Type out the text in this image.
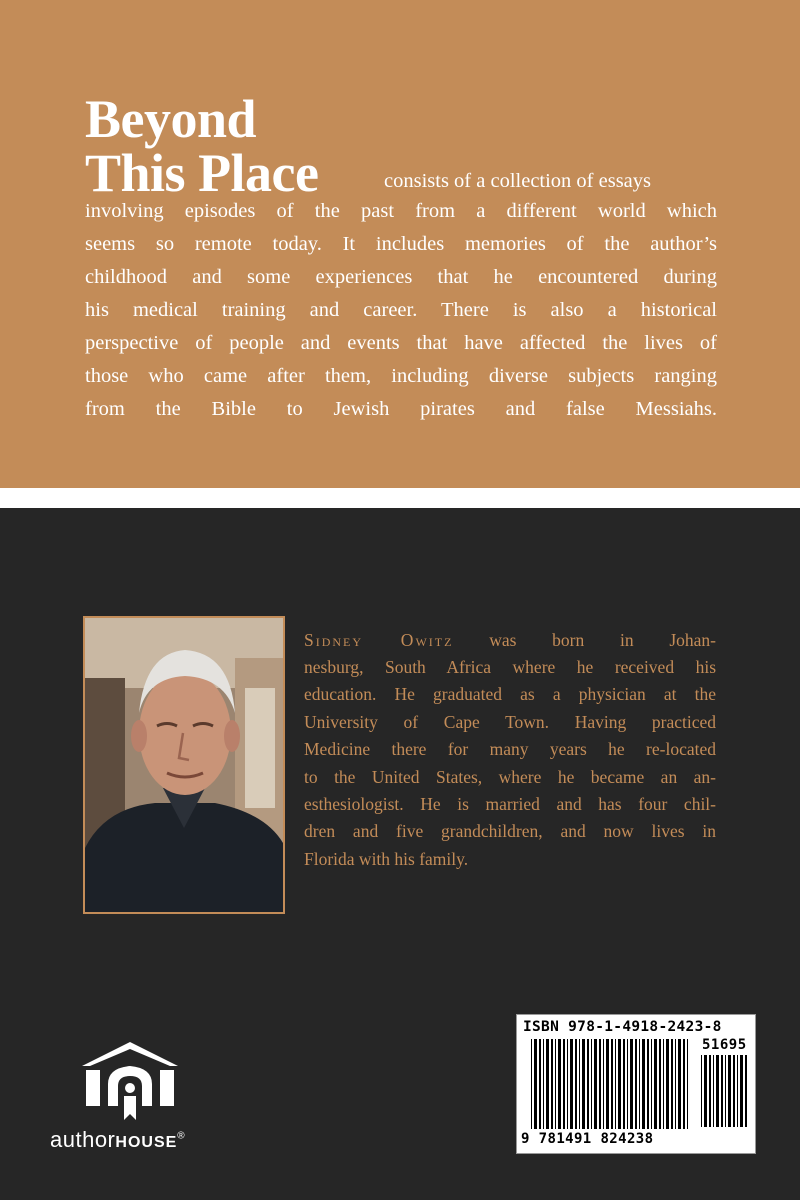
Beyond
This Place	consists of a collection of essays
involving episodes of the past from a different world which
seems so remote today. It includes memories of the author’s
childhood and some experiences that he encountered during
his medical training and career. There is also a historical
perspective of people and events that have affected the lives of
those who came after them, including diverse subjects ranging
from the Bible to Jewish pirates and false Messiahs.
Sidney Owitz was born in Johan-
nesburg, South Africa where he received his
education. He graduated as a physician at the
University of Cape Town. Having practiced
Medicine there for many years he re-located
to the United States, where he became an an-
esthesiologist. He is married and has four chil-
dren and five grandchildren, and now lives in
Florida with his family.
authorHOUSE®
ISBN 978-1-4918-2423-8
51695
9 781491 824238
